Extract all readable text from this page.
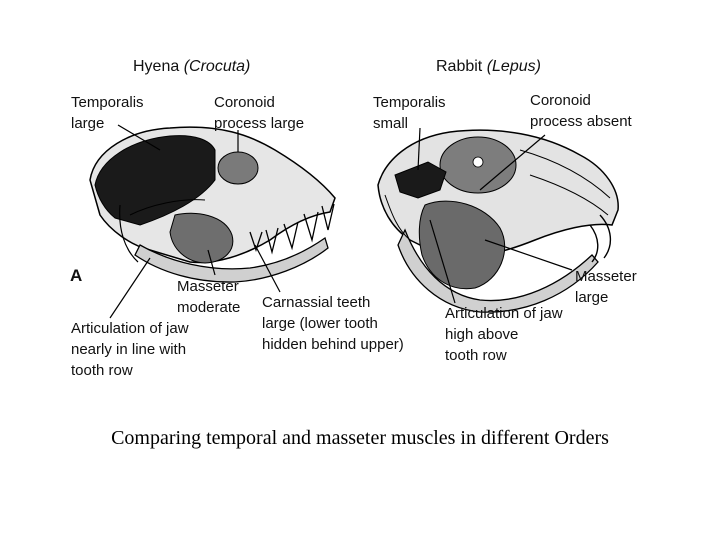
Hyena (Crocuta)
Temporalis
large
Coronoid
process large
A
Masseter
moderate Carnassial teeth
large (lower tooth
hidden behind upper)
Articulation of jaw
nearly in line with
tooth row
Rabbit (Lepus)
Temporalis
small
Coronoid
process absent
Masseter
large
Articulation of jaw
high above
tooth row
Comparing temporal and masseter muscles in different Orders
